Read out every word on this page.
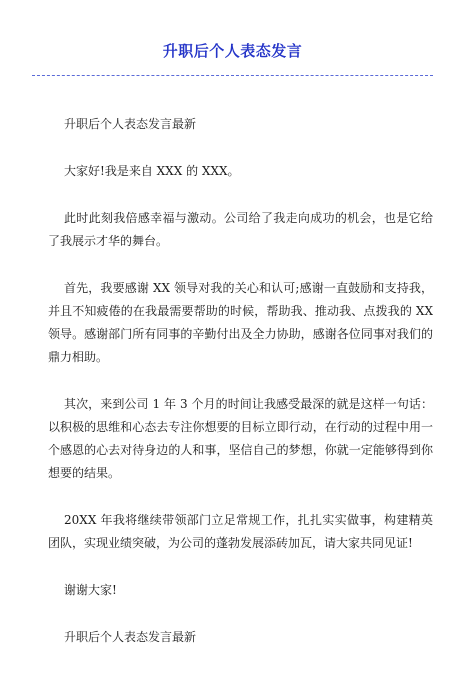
升职后个人表态发言

升职后个人表态发言最新

大家好!我是来自 XXX 的 XXX。

此时此刻我倍感幸福与激动。公司给了我走向成功的机会，也是它给了我展示才华的舞台。

首先，我要感谢 XX 领导对我的关心和认可;感谢一直鼓励和支持我，并且不知疲倦的在我最需要帮助的时候，帮助我、推动我、点拨我的 XX 领导。感谢部门所有同事的辛勤付出及全力协助，感谢各位同事对我们的鼎力相助。

其次，来到公司 1 年 3 个月的时间让我感受最深的就是这样一句话：以积极的思维和心态去专注你想要的目标立即行动，在行动的过程中用一个感恩的心去对待身边的人和事，坚信自己的梦想，你就一定能够得到你想要的结果。

20XX 年我将继续带领部门立足常规工作，扎扎实实做事，构建精英团队，实现业绩突破，为公司的蓬勃发展添砖加瓦，请大家共同见证!

谢谢大家!

升职后个人表态发言最新
